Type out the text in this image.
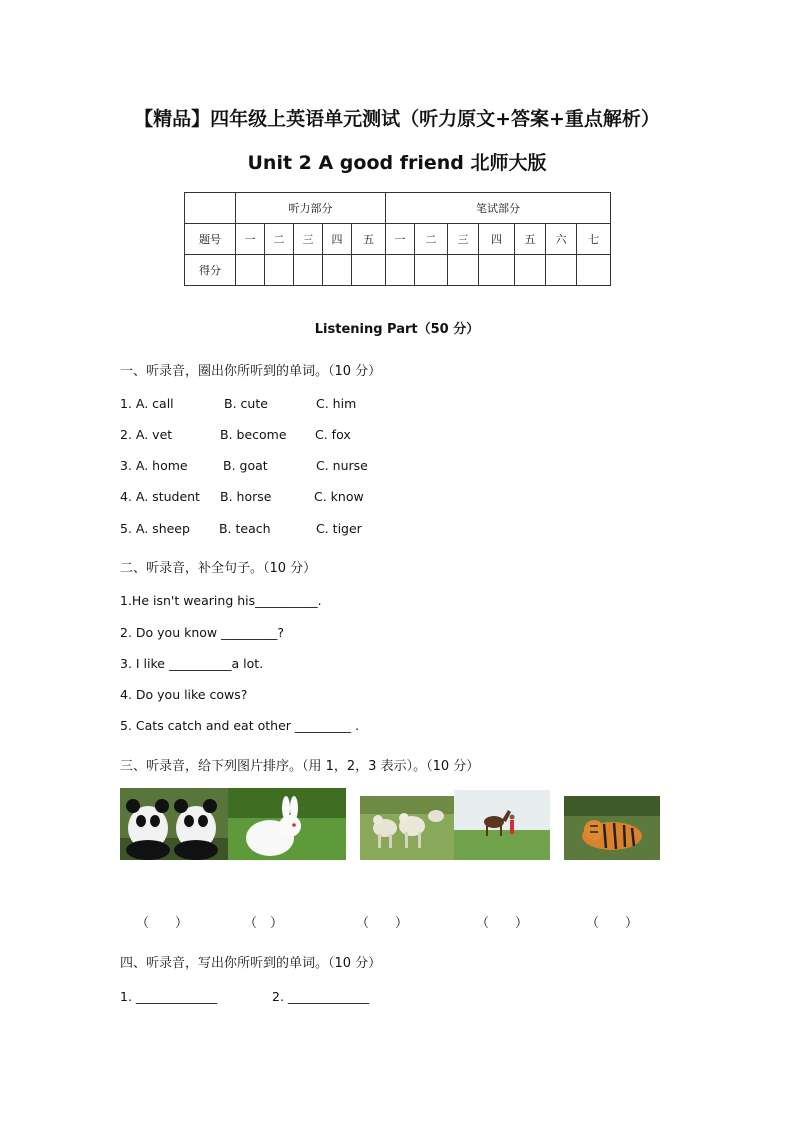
【精品】四年级上英语单元测试（听力原文+答案+重点解析）
Unit 2 A good friend 北师大版
	听力部分					笔试部分						
题号	一	二	三	四	五	一	二	三	四	五	六	七
得分												
Listening Part（50 分）
一、听录音，圈出你所听到的单词。（10 分）
1. A. call	B. cute	C. him
2. A. vet	B. become C. fox
3. A. home	B. goat	C. nurse
4. A. student B. horse	C. know
5. A. sheep B. teach	C. tiger
二、听录音，补全句子。（10 分）
1.He isn't wearing his__________.
2. Do you know _________?
3. I like __________a lot.
4. Do you like cows?
5. Cats catch and eat other _________ .
三、听录音，给下列图片排序。（用 1，2，3 表示）。（10 分）
（　　）	（　）	（　　）	（　　）	（　　）
四、听录音，写出你所听到的单词。（10 分）
1. _____________	2. _____________
